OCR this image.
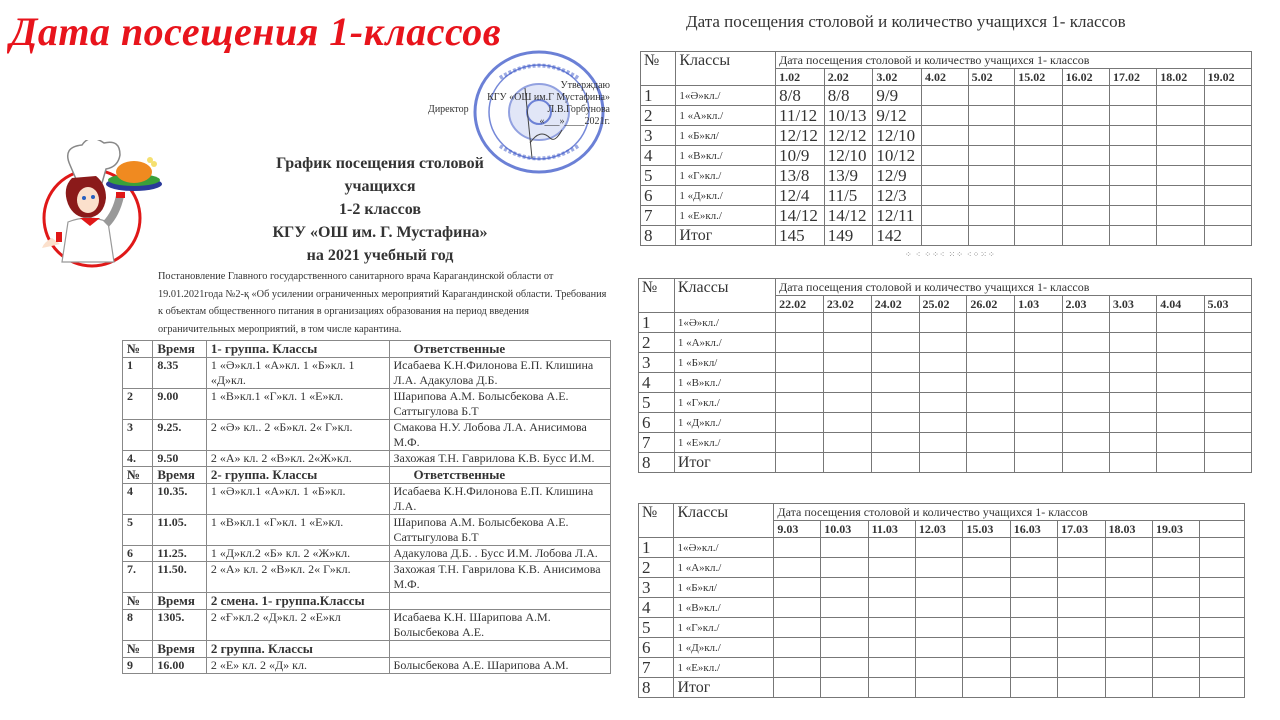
Дата посещения 1-классов
Утверждаю
КГУ «ОШ им.Г Мустафина»
Л.В.Горбунова
«___»____2021г.
Директор
График посещения столовой
учащихся
1-2 классов
КГУ «ОШ им. Г. Мустафина»
на 2021 учебный год
Постановление Главного государственного санитарного врача Карагандинской области от 19.01.2021года №2-қ «Об усилении ограниченных мероприятий Карагандинской области. Требования к объектам общественного питания в организациях образования на период введения ограничительных мероприятий, в том числе карантина.
№	Время	1- группа. Классы	Ответственные
1	8.35	1 «Ә»кл.1 «А»кл. 1 «Б»кл. 1 «Д»кл.	Исабаева К.Н.Филонова Е.П. Клишина Л.А. Адакулова Д.Б.
2	9.00	1 «В»кл.1 «Г»кл. 1 «Е»кл.	Шарипова А.М. Болысбекова А.Е. Саттыгулова Б.Т
3	9.25.	2 «Ә» кл.. 2 «Б»кл. 2« Г»кл.	Смакова Н.У. Лобова Л.А. Анисимова М.Ф.
4.	9.50	2 «А» кл. 2 «В»кл. 2«Ж»кл.	Захожая Т.Н. Гаврилова К.В. Бусс И.М.
№	Время	2- группа. Классы	Ответственные
4	10.35.	1 «Ә»кл.1 «А»кл. 1 «Б»кл.	Исабаева К.Н.Филонова Е.П. Клишина Л.А.
5	11.05.	1 «В»кл.1 «Г»кл. 1 «Е»кл.	Шарипова А.М. Болысбекова А.Е. Саттыгулова Б.Т
6	11.25.	1 «Д»кл.2 «Б» кл. 2 «Ж»кл.	Адакулова Д.Б. . Бусс И.М. Лобова Л.А.
7.	11.50.	2 «А» кл. 2 «В»кл. 2« Г»кл.	Захожая Т.Н. Гаврилова К.В. Анисимова М.Ф.
№	Время	2 смена. 1- группа.Классы	
8	1305.	2 «Ғ»кл.2 «Д»кл. 2 «Е»кл	Исабаева К.Н. Шарипова А.М. Болысбекова А.Е.
№	Время	2 группа. Классы	
9	16.00	2 «Е» кл. 2 «Д» кл.	Болысбекова А.Е. Шарипова А.М.
Дата посещения столовой и количество учащихся 1- классов
⁘ ⁖ ⁘⁘⁖ ⁙⁘ ⁖⁘⁙⁘
№	Классы	Дата посещения столовой и количество учащихся 1- классов									
		1.02	2.02	3.02	4.02	5.02	15.02	16.02	17.02	18.02	19.02
1	1«Ә»кл./	8/8	8/8	9/9							
2	1 «А»кл./	11/12	10/13	9/12							
3	1 «Б»кл/	12/12	12/12	12/10							
4	1 «В»кл./	10/9	12/10	10/12							
5	1 «Г»кл./	13/8	13/9	12/9							
6	1 «Д»кл./	12/4	11/5	12/3							
7	1 «Е»кл./	14/12	14/12	12/11							
8	Итог	145	149	142							
№	Классы	Дата посещения столовой и количество учащихся 1- классов									
		22.02	23.02	24.02	25.02	26.02	1.03	2.03	3.03	4.04	5.03
1	1«Ә»кл./										
2	1 «А»кл./										
3	1 «Б»кл/										
4	1 «В»кл./										
5	1 «Г»кл./										
6	1 «Д»кл./										
7	1 «Е»кл./										
8	Итог										
№	Классы	Дата посещения столовой и количество учащихся 1- классов									
		9.03	10.03	11.03	12.03	15.03	16.03	17.03	18.03	19.03	
1	1«Ә»кл./										
2	1 «А»кл./										
3	1 «Б»кл/										
4	1 «В»кл./										
5	1 «Г»кл./										
6	1 «Д»кл./										
7	1 «Е»кл./										
8	Итог										
